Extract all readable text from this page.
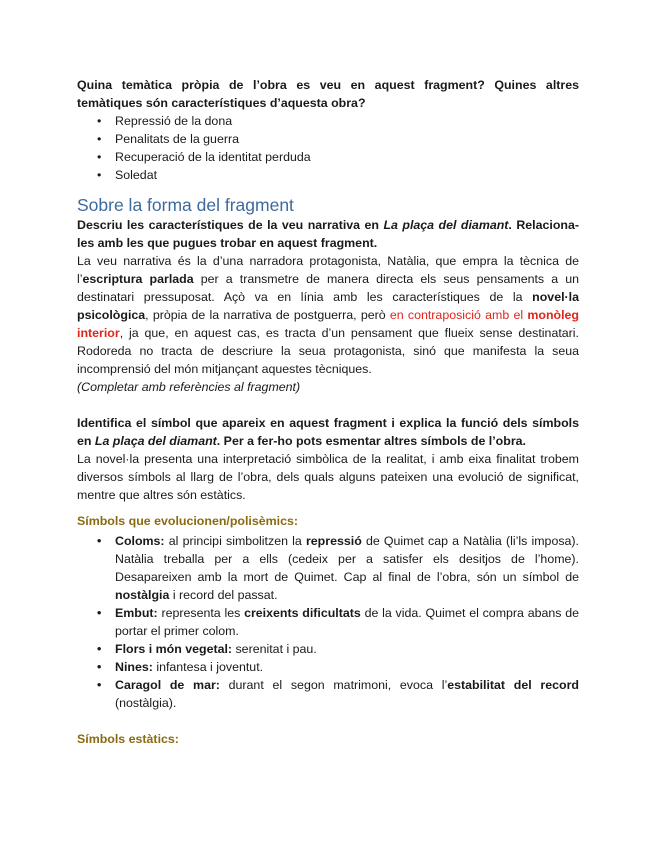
Quina temàtica pròpia de l’obra es veu en aquest fragment? Quines altres temàtiques són característiques d’aquesta obra?

• Repressió de la dona
• Penalitats de la guerra
• Recuperació de la identitat perduda
• Soledat
Sobre la forma del fragment

Descriu les característiques de la veu narrativa en La plaça del diamant. Relaciona-les amb les que pugues trobar en aquest fragment.

La veu narrativa és la d’una narradora protagonista, Natàlia, que empra la tècnica de l’escriptura parlada per a transmetre de manera directa els seus pensaments a un destinatari pressuposat. Açò va en línia amb les característiques de la novel·la psicològica, pròpia de la narrativa de postguerra, però en contraposició amb el monòleg interior, ja que, en aquest cas, es tracta d’un pensament que flueix sense destinatari. Rodoreda no tracta de descriure la seua protagonista, sinó que manifesta la seua incomprensió del món mitjançant aquestes tècniques.

(Completar amb referències al fragment)

Identifica el símbol que apareix en aquest fragment i explica la funció dels símbols en La plaça del diamant. Per a fer-ho pots esmentar altres símbols de l’obra.

La novel·la presenta una interpretació simbòlica de la realitat, i amb eixa finalitat trobem diversos símbols al llarg de l’obra, dels quals alguns pateixen una evolució de significat, mentre que altres són estàtics.

Símbols que evolucionen/polisèmics:

• Coloms: al principi simbolitzen la repressió de Quimet cap a Natàlia (li’ls imposa). Natàlia treballa per a ells (cedeix per a satisfer els desitjos de l’home). Desapareixen amb la mort de Quimet. Cap al final de l’obra, són un símbol de nostàlgia i record del passat.
• Embut: representa les creixents dificultats de la vida. Quimet el compra abans de portar el primer colom.
• Flors i món vegetal: serenitat i pau.
• Nines: infantesa i joventut.
• Caragol de mar: durant el segon matrimoni, evoca l’estabilitat del record (nostàlgia).

Símbols estàtics:
